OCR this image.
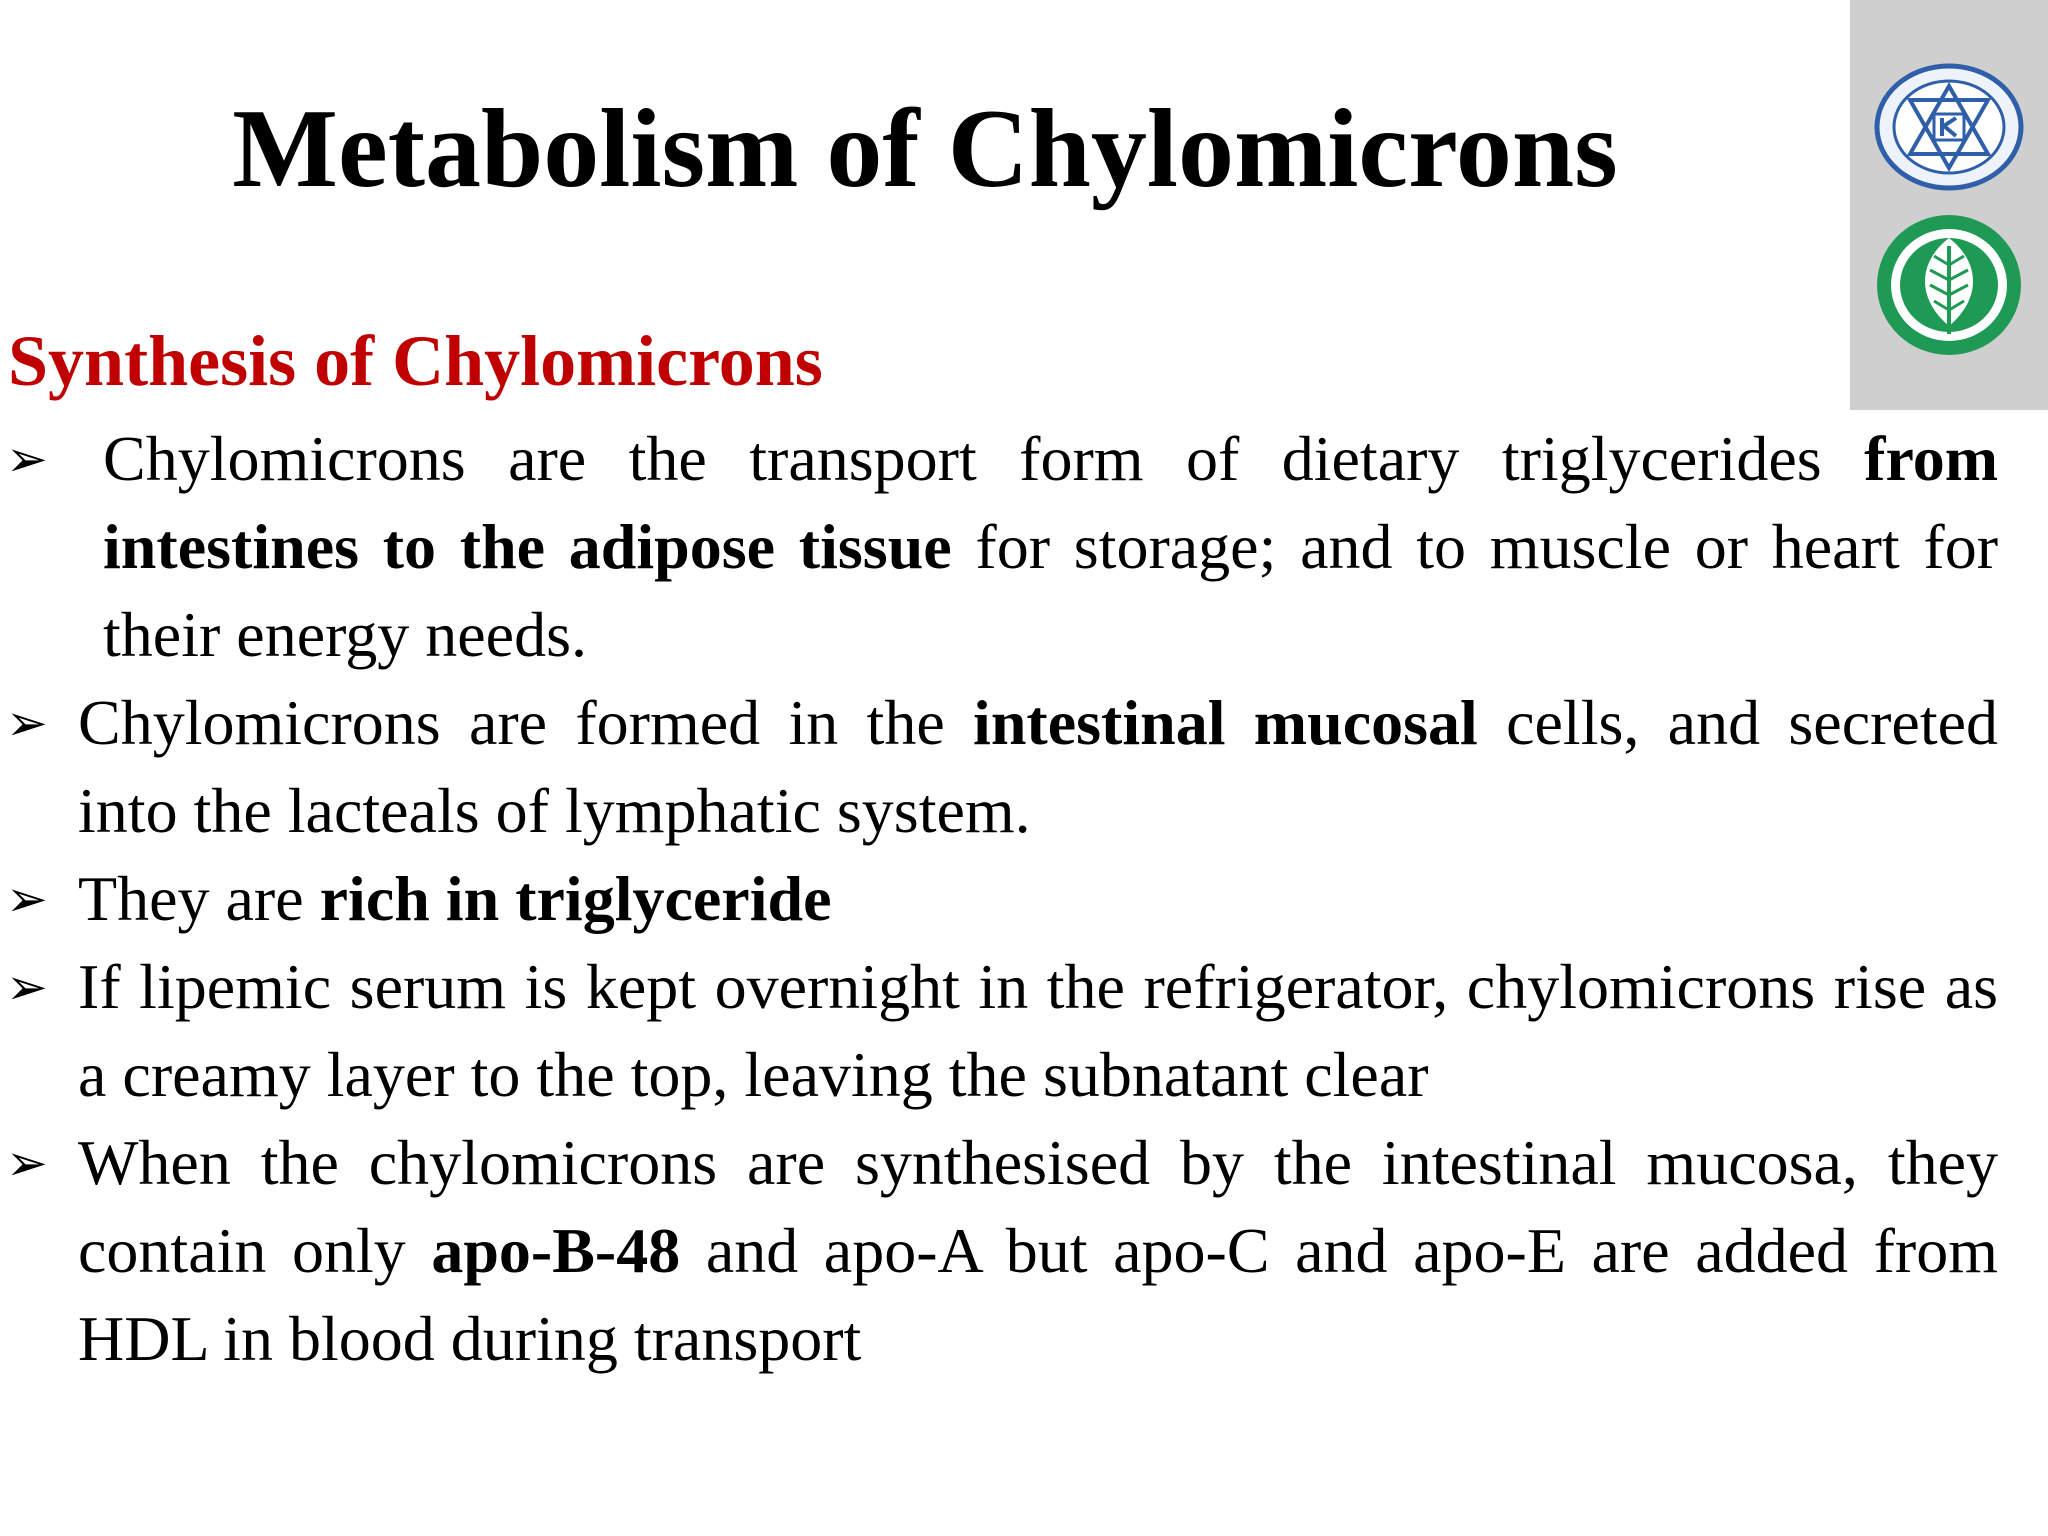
Metabolism of Chylomicrons
Synthesis of Chylomicrons
➢ Chylomicrons are the transport form of dietary triglycerides from intestines to the adipose tissue for storage; and to muscle or heart for their energy needs.
➢ Chylomicrons are formed in the intestinal mucosal cells, and secreted into the lacteals of lymphatic system.
➢ They are rich in triglyceride
➢ If lipemic serum is kept overnight in the refrigerator, chylomicrons rise as a creamy layer to the top, leaving the subnatant clear
➢ When the chylomicrons are synthesised by the intestinal mucosa, they contain only apo-B-48 and apo-A but apo-C and apo-E are added from HDL in blood during transport
